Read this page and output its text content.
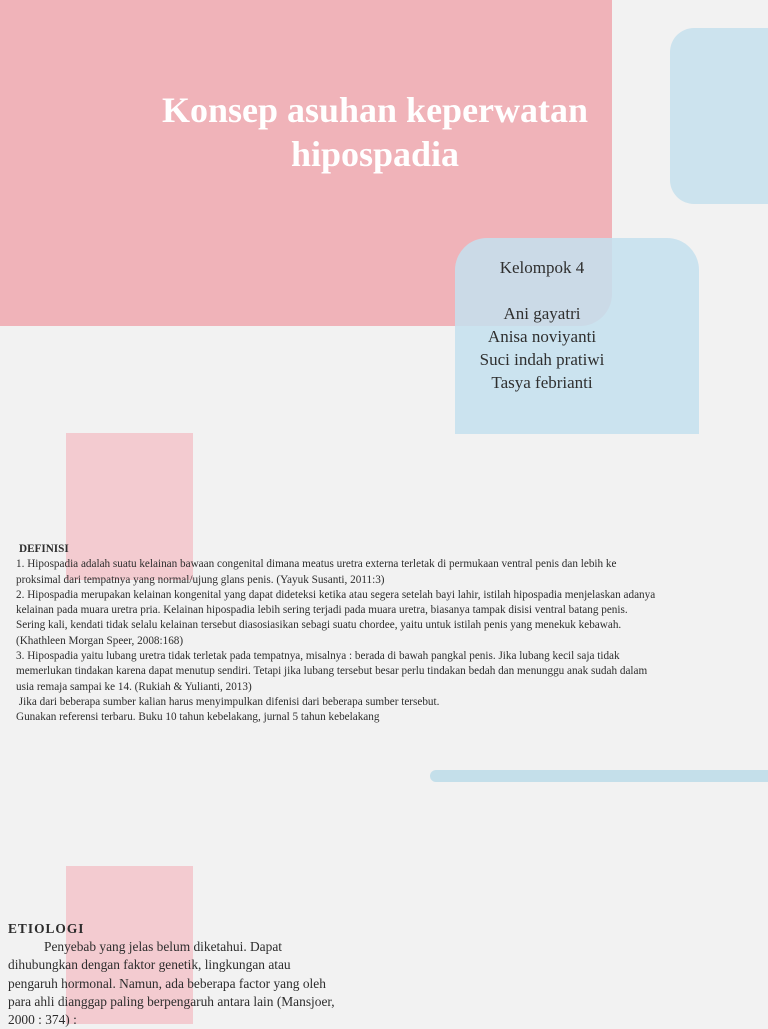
Konsep asuhan keperwatan hipospadia
Kelompok 4
Ani gayatri
Anisa noviyanti
Suci indah pratiwi
Tasya febrianti
DEFINISI

1. Hipospadia adalah suatu kelainan bawaan congenital dimana meatus uretra externa terletak di permukaan ventral penis dan lebih ke proksimal dari tempatnya yang normal/ujung glans penis. (Yayuk Susanti, 2011:3)

2. Hipospadia merupakan kelainan kongenital yang dapat dideteksi ketika atau segera setelah bayi lahir, istilah hipospadia menjelaskan adanya kelainan pada muara uretra pria. Kelainan hipospadia lebih sering terjadi pada muara uretra, biasanya tampak disisi ventral batang penis. Sering kali, kendati tidak selalu kelainan tersebut diasosiasikan sebagi suatu chordee, yaitu untuk istilah penis yang menekuk kebawah. (Khathleen Morgan Speer, 2008:168)

3. Hipospadia yaitu lubang uretra tidak terletak pada tempatnya, misalnya : berada di bawah pangkal penis. Jika lubang kecil saja tidak memerlukan tindakan karena dapat menutup sendiri. Tetapi jika lubang tersebut besar perlu tindakan bedah dan menunggu anak sudah dalam usia remaja sampai ke 14. (Rukiah & Yulianti, 2013)

Jika dari beberapa sumber kalian harus menyimpulkan difenisi dari beberapa sumber tersebut.

Gunakan referensi terbaru. Buku 10 tahun kebelakang, jurnal 5 tahun kebelakang

ETIOLOGI

Penyebab yang jelas belum diketahui. Dapat dihubungkan dengan faktor genetik, lingkungan atau pengaruh hormonal. Namun, ada beberapa factor yang oleh para ahli dianggap paling berpengaruh antara lain (Mansjoer, 2000 : 374) :
